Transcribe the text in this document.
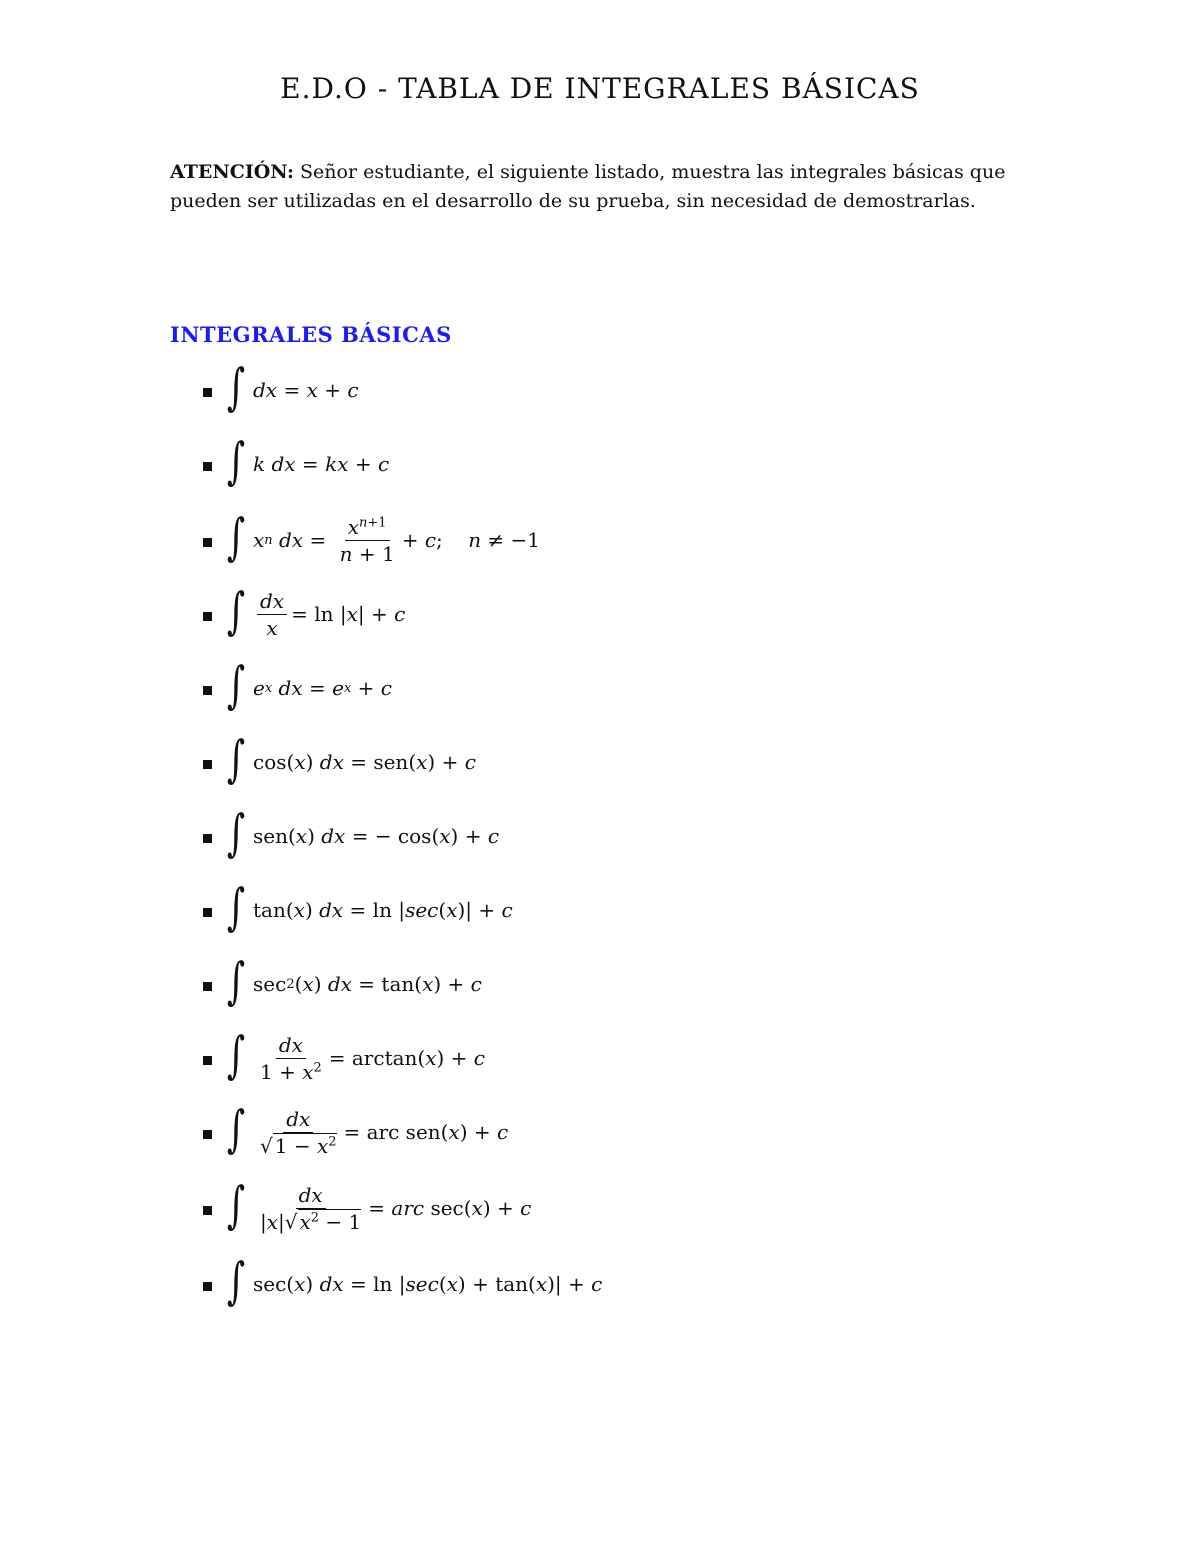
E.D.O - TABLA DE INTEGRALES BÁSICAS
ATENCIÓN: Señor estudiante, el siguiente listado, muestra las integrales básicas que
pueden ser utilizadas en el desarrollo de su prueba, sin necesidad de demostrarlas.
INTEGRALES BÁSICAS
∫ dx = x + c
∫ k
dx = kx + c
∫ x n
dx = $\frac{x^{n+1}}{n + 1} + c$ ; n ≠ −1
∫ $\frac{dx}{x} = \ln$ | x | + c
∫ e x
dx = e x + c
∫ cos( x ) dx = sen( x ) + c
∫ sen( x ) dx = − cos( x ) + c
∫ tan( x ) dx = ln | sec ( x )| + c
∫ sec 2 ( x ) dx = tan( x ) + c
∫ $\frac{dx}{1 + x^2} = \arctan$( x ) + c
∫ $\frac{dx}{√ 1 - x^2}$ = arc sen( x ) + c
∫ $\frac{dx}{|x|√ x^2 - 1}$ = arc sec( x ) + c
∫ sec( x ) dx = ln | sec ( x ) + tan( x )| + c
